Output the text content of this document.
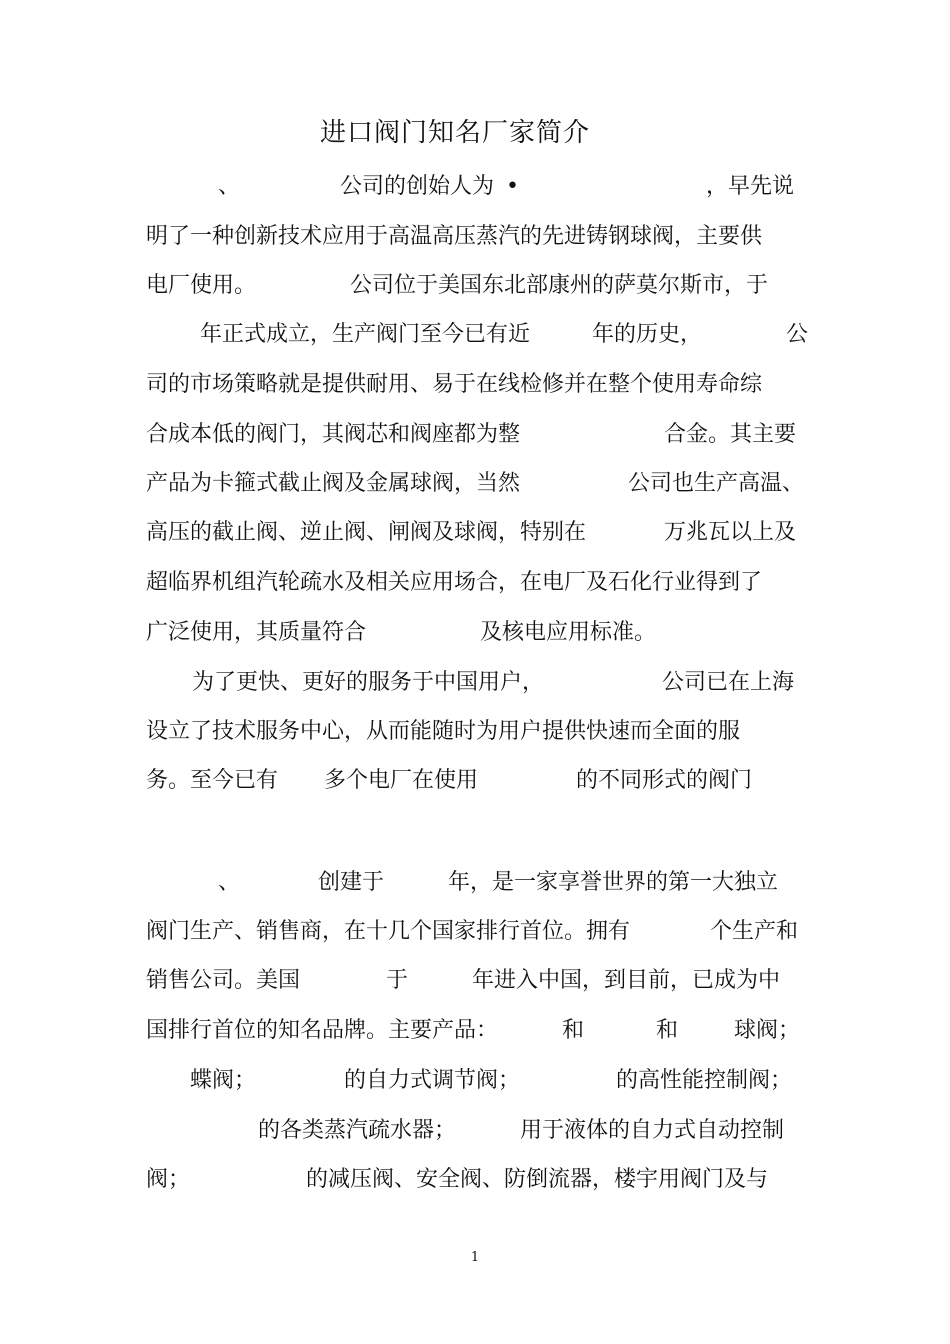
进口阀门知名厂家简介
、	公司的创始人为 •	，早先说
明了一种创新技术应用于高温高压蒸汽的先进铸钢球阀，主要供
电厂使用。	公司位于美国东北部康州的萨莫尔斯市，于
年正式成立，生产阀门至今已有近	年的历史，	公
司的市场策略就是提供耐用、易于在线检修并在整个使用寿命综
合成本低的阀门，其阀芯和阀座都为整	合金。其主要
产品为卡箍式截止阀及金属球阀，当然	公司也生产高温、
高压的截止阀、逆止阀、闸阀及球阀，特别在	万兆瓦以上及
超临界机组汽轮疏水及相关应用场合，在电厂及石化行业得到了
广泛使用，其质量符合	及核电应用标准。
为了更快、更好的服务于中国用户，	公司已在上海
设立了技术服务中心，从而能随时为用户提供快速而全面的服
务。至今已有 多个电厂在使用	的不同形式的阀门
、	创建于	年，是一家享誉世界的第一大独立
阀门生产、销售商，在十几个国家排行首位。拥有	个生产和
销售公司。美国	于	年进入中国，到目前，已成为中
国排行首位的知名品牌。主要产品：	和	和	球阀；
蝶阀；	的自力式调节阀；	的高性能控制阀；
的各类蒸汽疏水器；	用于液体的自力式自动控制
阀；	的减压阀、安全阀、防倒流器，楼宇用阀门及与
1
